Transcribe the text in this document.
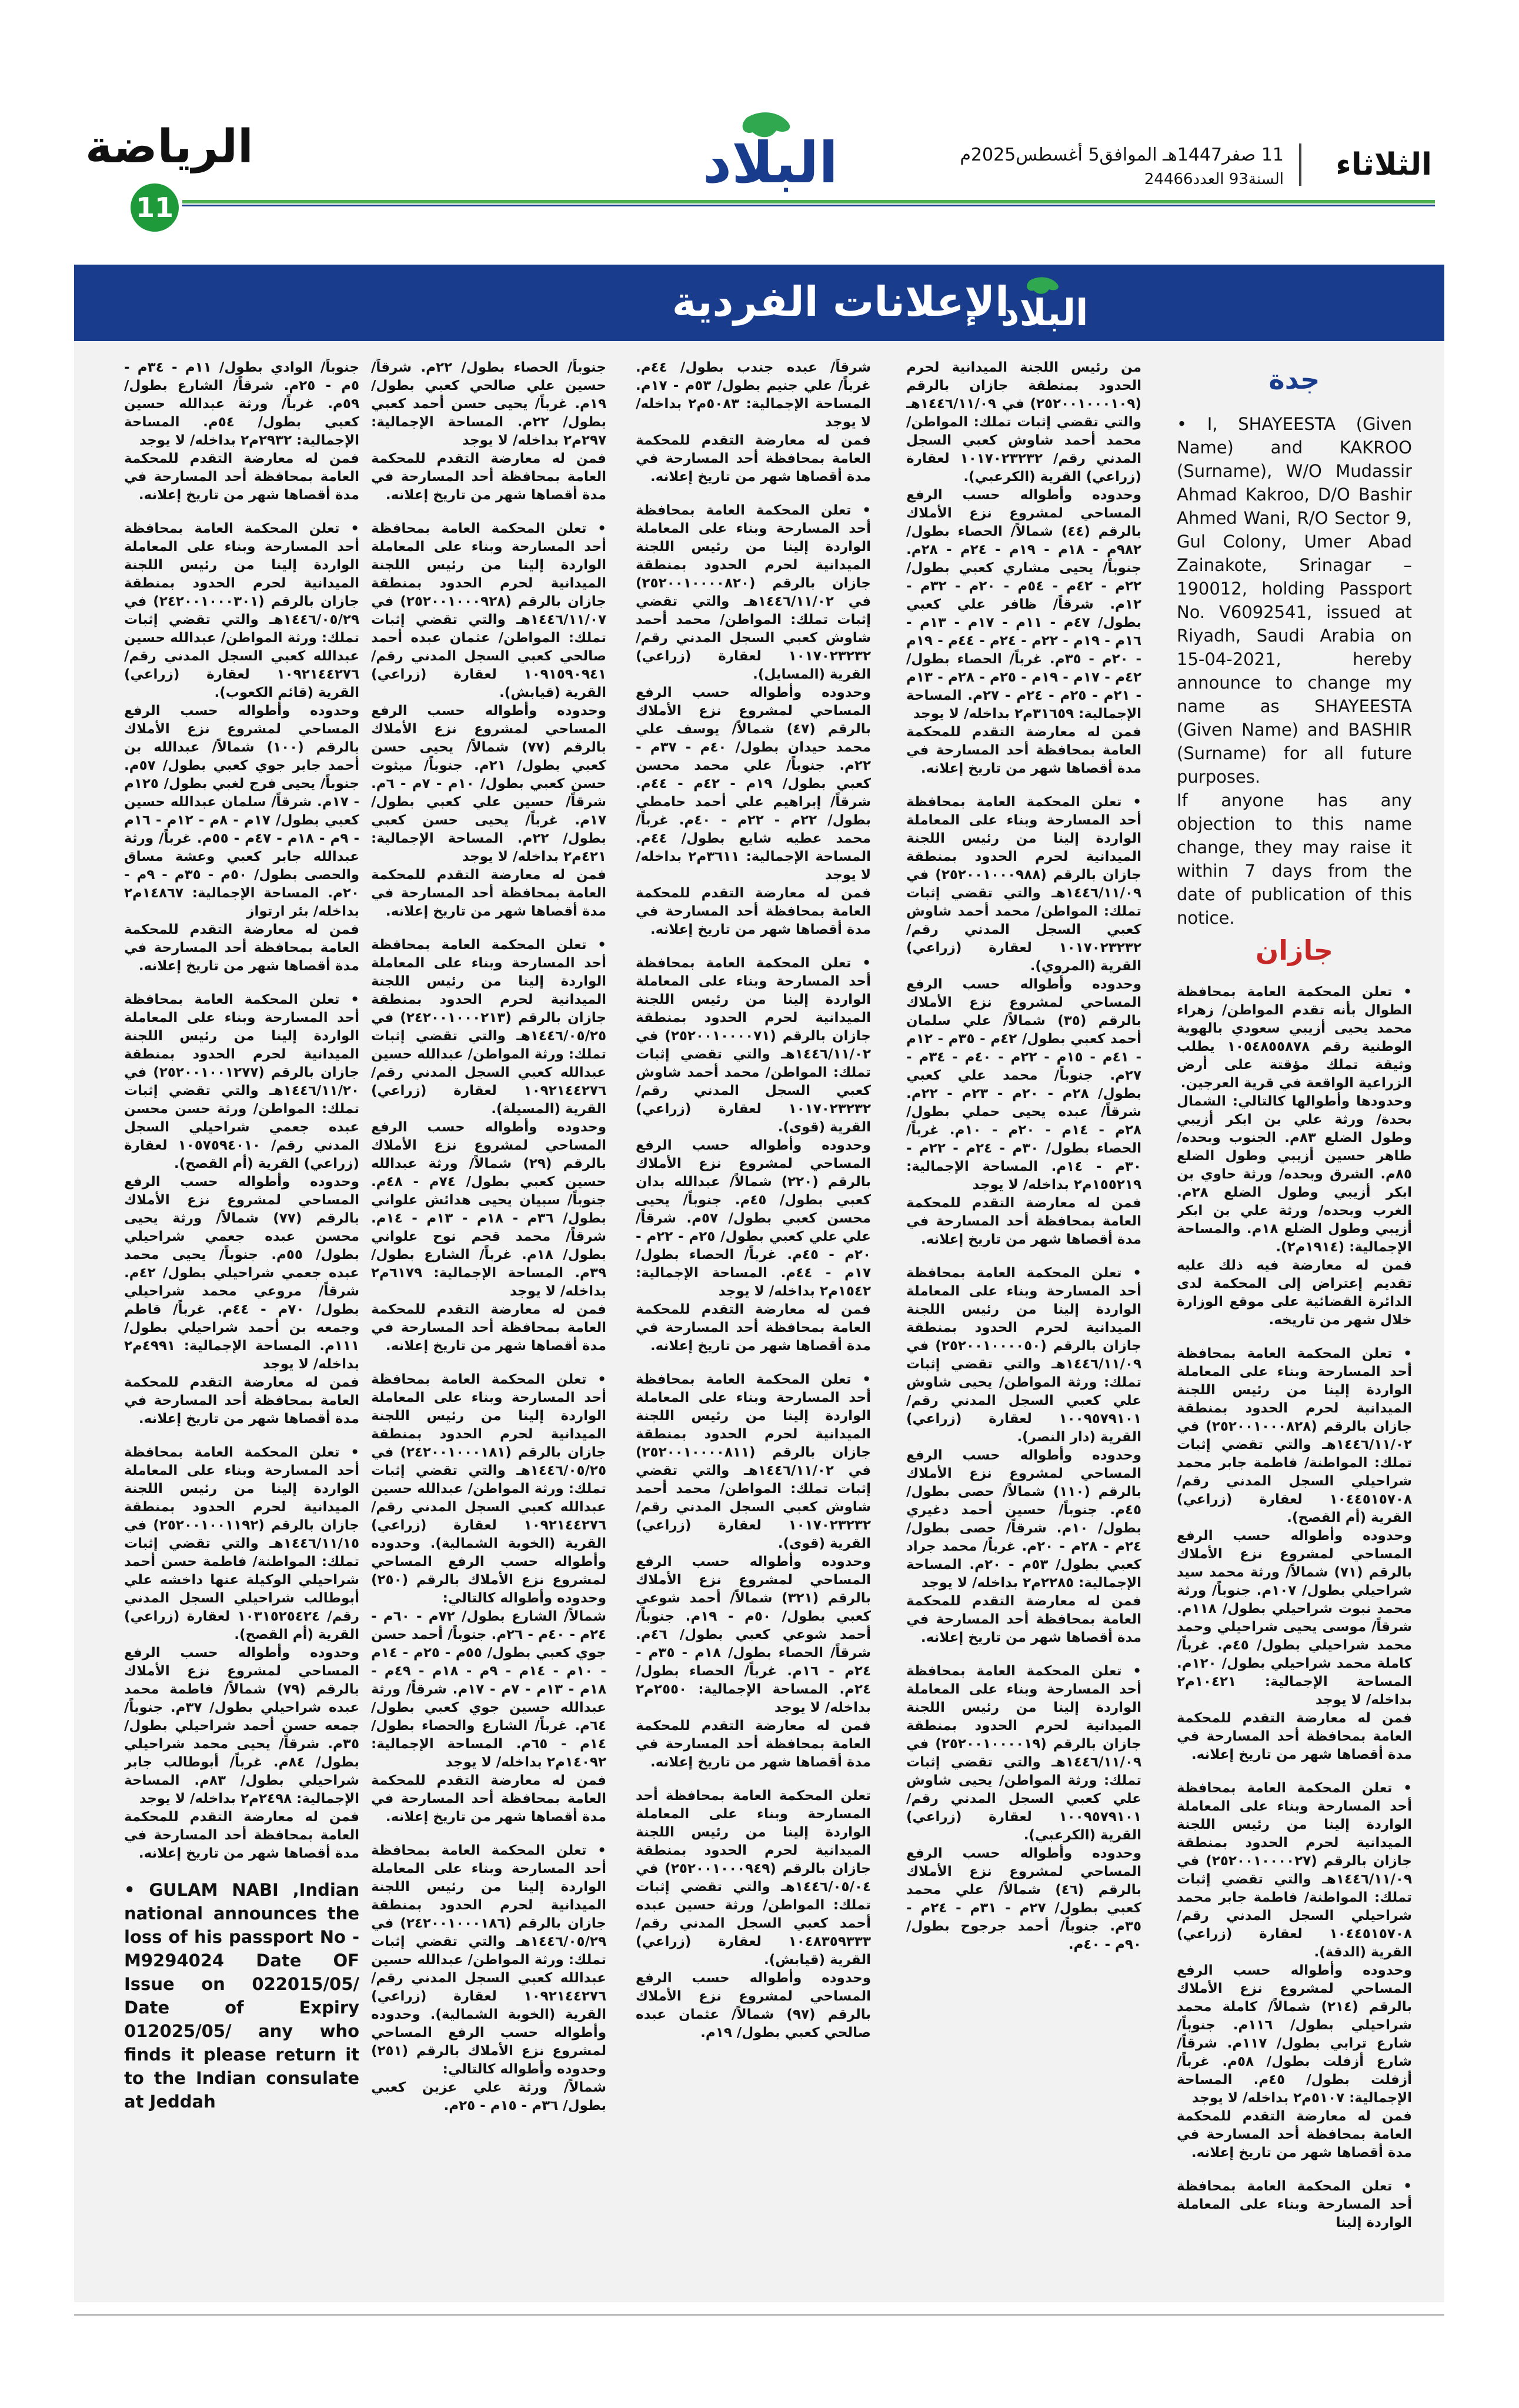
الثلاثاء
11 صفر1447هـ الموافق5 أغسطس2025م
السنة93 العدد24466
البلاد
الرياضة
11
البلاد
الإعلانات الفردية
جدة

• I, SHAYEESTA (Given Name) and KAKROO (Surname), W/O Mudassir Ahmad Kakroo, D/O Bashir Ahmed Wani, R/O Sector 9, Gul Colony, Umer Abad Zainakote, Srinagar – 190012, holding Passport No. V6092541, issued at Riyadh, Saudi Arabia on 15-04-2021, hereby announce to change my name as SHAYEESTA (Given Name) and BASHIR (Surname) for all future purposes.

If anyone has any objection to this name change, they may raise it within 7 days from the date of publication of this notice.

جازان

• تعلن المحكمة العامة بمحافظة الطوال بأنه تقدم المواطن/ زهراء محمد يحيى أزيبي سعودي بالهوية الوطنية رقم ١٠٥٤٨٥٥٨٧٨ يطلب وثيقة تملك مؤقتة على أرض الزراعية الواقعة في قرية العرجين.

وحدودها وأطوالها كالتالي: الشمال بحدة/ ورثة علي بن ابكر أزيبي وطول الضلع ٨٣م. الجنوب وبحده/ طاهر حسين أزيبي وطول الضلع ٨٥م. الشرق وبحده/ ورثة حاوي بن ابكر أزيبي وطول الضلع ٢٨م. الغرب وبحده/ ورثة علي بن ابكر أزيبي وطول الضلع ١٨م. والمساحة الإجمالية: (١٩١٤م٢).

فمن له معارضة فيه ذلك عليه تقديم إعتراض إلى المحكمة لدى الدائرة القضائية على موقع الوزارة خلال شهر من تاريخه.

• تعلن المحكمة العامة بمحافظة أحد المسارحة وبناء على المعاملة الواردة إلينا من رئيس اللجنة الميدانية لحرم الحدود بمنطقة جازان بالرقم (٢٥٢٠٠١٠٠٠٨٢٨) في ١٤٤٦/١١/٠٢هـ والتي تقضي إثبات تملك: المواطنة/ فاطمة جابر محمد شراحيلي السجل المدني رقم/ ١٠٤٤٥١٥٧٠٨ لعقارة (زراعي) القرية (أم القصح).

وحدوده وأطواله حسب الرفع المساحي لمشروع نزع الأملاك بالرقم (٧١) شمالاً/ ورثة محمد سيد شراحيلي بطول/ ١٠٧م. جنوباً/ ورثة محمد نبوت شراحيلي بطول/ ١١٨م. شرقاً/ موسى يحيى شراحيلي وحمد محمد شراحيلي بطول/ ٤٥م. غرباً/ كاملة محمد شراحيلي بطول/ ١٢٠م. المساحة الإجمالية: ١٠٤٢١م٢ بداخله/ لا يوجد

فمن له معارضة التقدم للمحكمة العامة بمحافظة أحد المسارحة في مدة أقصاها شهر من تاريخ إعلانه.

• تعلن المحكمة العامة بمحافظة أحد المسارحة وبناء على المعاملة الواردة إلينا من رئيس اللجنة الميدانية لحرم الحدود بمنطقة جازان بالرقم (٢٥٢٠٠١٠٠٠٠٢٧) في ١٤٤٦/١١/٠٩هـ والتي تقضي إثبات تملك: المواطنة/ فاطمة جابر محمد شراحيلي السجل المدني رقم/ ١٠٤٤٥١٥٧٠٨ لعقارة (زراعي) القرية (الدقة).

وحدوده وأطواله حسب الرفع المساحي لمشروع نزع الأملاك بالرقم (٢١٤) شمالاً/ كاملة محمد شراحيلي بطول/ ١١٦م. جنوباً/ شارع ترابي بطول/ ١١٧م. شرقاً/ شارع أزفلت بطول/ ٥٨م. غرباً/ أزفلت بطول/ ٤٥م. المساحة الإجمالية: ٥١٠٧م٢ بداخله/ لا يوجد

فمن له معارضة التقدم للمحكمة العامة بمحافظة أحد المسارحة في مدة أقصاها شهر من تاريخ إعلانه.

• تعلن المحكمة العامة بمحافظة أحد المسارحة وبناء على المعاملة الواردة إلينا

من رئيس اللجنة الميدانية لحرم الحدود بمنطقة جازان بالرقم (٢٥٢٠٠١٠٠٠١٠٩) في ١٤٤٦/١١/٠٩هـ والتي تقضي إثبات تملك: المواطن/ محمد أحمد شاوش كعبي السجل المدني رقم/ ١٠١٧٠٢٣٢٣٢ لعقارة (زراعي) القرية (الكرعبي).

وحدوده وأطواله حسب الرفع المساحي لمشروع نزع الأملاك بالرقم (٤٤) شمالاً/ الحصاء بطول/ ٩٨٢م - ١٨م - ١٩م - ٢٤م - ٢٨م. جنوباً/ يحيى مشاري كعبي بطول/ ٢٢م - ٤٢م - ٥٤م - ٢٠م - ٣٢م - ١٢م. شرقاً/ ظافر علي كعبي بطول/ ٤٧م - ١١م - ١٧م - ١٣م - ١٦م - ١٩م - ٢٢م - ٢٤م - ٤٤م - ١٩م - ٢٠م - ٣٥م. غرباً/ الحصاء بطول/ ٤٢م - ١٧م - ١٩م - ٢٥م - ٢٨م - ١٣م - ٢١م - ٢٥م - ٢٤م - ٢٧م. المساحة الإجمالية: ٣١٦٥٩م٢ بداخله/ لا يوجد

فمن له معارضة التقدم للمحكمة العامة بمحافظة أحد المسارحة في مدة أقصاها شهر من تاريخ إعلانه.

• تعلن المحكمة العامة بمحافظة أحد المسارحة وبناء على المعاملة الواردة إلينا من رئيس اللجنة الميدانية لحرم الحدود بمنطقة جازان بالرقم (٢٥٢٠٠١٠٠٠٩٨٨) في ١٤٤٦/١١/٠٩هـ والتي تقضي إثبات تملك: المواطن/ محمد أحمد شاوش كعبي السجل المدني رقم/ ١٠١٧٠٢٣٢٣٢ لعقارة (زراعي) القرية (المروي).

وحدوده وأطواله حسب الرفع المساحي لمشروع نزع الأملاك بالرقم (٣٥) شمالاً/ علي سلمان أحمد كعبي بطول/ ٤٢م - ٣٥م - ١٢م - ٤١م - ١٥م - ٢٢م - ٤٠م - ٣٤م - ٢٧م. جنوباً/ محمد علي كعبي بطول/ ٢٨م - ٢٠م - ٢٣م - ٢٢م. شرقاً/ عبده يحيى حملي بطول/ ٢٨م - ١٤م - ٢٠م - ١٠م. غرباً/ الحصاء بطول/ ٣٠م - ٢٤م - ٢٢م - ٣٠م - ١٤م. المساحة الإجمالية: ١٥٥٢١٩م٢ بداخله/ لا يوجد

فمن له معارضة التقدم للمحكمة العامة بمحافظة أحد المسارحة في مدة أقصاها شهر من تاريخ إعلانه.

• تعلن المحكمة العامة بمحافظة أحد المسارحة وبناء على المعاملة الواردة إلينا من رئيس اللجنة الميدانية لحرم الحدود بمنطقة جازان بالرقم (٢٥٢٠٠١٠٠٠٠٥٠) في ١٤٤٦/١١/٠٩هـ والتي تقضي إثبات تملك: ورثة المواطن/ يحيى شاوش علي كعبي السجل المدني رقم/ ١٠٠٩٥٧٩١٠١ لعقارة (زراعي) القرية (دار النصر).

وحدوده وأطواله حسب الرفع المساحي لمشروع نزع الأملاك بالرقم (١١٠) شمالاً/ حصى بطول/ ٤٥م. جنوباً/ حسين أحمد دغيري بطول/ ١٠م. شرقاً/ حصى بطول/ ٢٤م - ٢٨م - ٢٠م. غرباً/ محمد جراد كعبي بطول/ ٥٣م - ٢٠م. المساحة الإجمالية: ٢٢٨٥م٢ بداخله/ لا يوجد

فمن له معارضة التقدم للمحكمة العامة بمحافظة أحد المسارحة في مدة أقصاها شهر من تاريخ إعلانه.

• تعلن المحكمة العامة بمحافظة أحد المسارحة وبناء على المعاملة الواردة إلينا من رئيس اللجنة الميدانية لحرم الحدود بمنطقة جازان بالرقم (٢٥٢٠٠١٠٠٠٠١٩) في ١٤٤٦/١١/٠٩هـ والتي تقضي إثبات تملك: ورثة المواطن/ يحيى شاوش علي كعبي السجل المدني رقم/ ١٠٠٩٥٧٩١٠١ لعقارة (زراعي) القرية (الكرعبي).

وحدوده وأطواله حسب الرفع المساحي لمشروع نزع الأملاك بالرقم (٤٦) شمالاً/ علي محمد كعبي بطول/ ٢٧م - ٣١م - ٢٤م - ٣٥م. جنوباً/ أحمد جرجوح بطول/ ٩٠م - ٤٠م.

شرقاً/ عبده جندب بطول/ ٤٤م. غرباً/ علي جنيم بطول/ ٥٣م - ١٧م. المساحة الإجمالية: ٥٠٨٣م٢ بداخله/ لا يوجد

فمن له معارضة التقدم للمحكمة العامة بمحافظة أحد المسارحة في مدة أقصاها شهر من تاريخ إعلانه.

• تعلن المحكمة العامة بمحافظة أحد المسارحة وبناء على المعاملة الواردة إلينا من رئيس اللجنة الميدانية لحرم الحدود بمنطقة جازان بالرقم (٢٥٢٠٠١٠٠٠٠٨٢٠) في ١٤٤٦/١١/٠٢هـ والتي تقضي إثبات تملك: المواطن/ محمد أحمد شاوش كعبي السجل المدني رقم/ ١٠١٧٠٢٣٢٣٢ لعقارة (زراعي) القرية (المسايل).

وحدوده وأطواله حسب الرفع المساحي لمشروع نزع الأملاك بالرقم (٤٧) شمالاً/ يوسف علي محمد حيدان بطول/ ٤٠م - ٣٧م - ٢٢م. جنوباً/ علي محمد محسن كعبي بطول/ ١٩م - ٤٢م - ٤٤م. شرقاً/ إبراهيم علي أحمد حامطي بطول/ ٢٢م - ٢٢م - ٤٠م. غرباً/ محمد عطيه شايع بطول/ ٤٤م. المساحة الإجمالية: ٣٦١١م٢ بداخله/ لا يوجد

فمن له معارضة التقدم للمحكمة العامة بمحافظة أحد المسارحة في مدة أقصاها شهر من تاريخ إعلانه.

• تعلن المحكمة العامة بمحافظة أحد المسارحة وبناء على المعاملة الواردة إلينا من رئيس اللجنة الميدانية لحرم الحدود بمنطقة جازان بالرقم (٢٥٢٠٠١٠٠٠٠٧١) في ١٤٤٦/١١/٠٢هـ والتي تقضي إثبات تملك: المواطن/ محمد أحمد شاوش كعبي السجل المدني رقم/ ١٠١٧٠٢٣٢٣٢ لعقارة (زراعي) القرية (قوى).

وحدوده وأطواله حسب الرفع المساحي لمشروع نزع الأملاك بالرقم (٢٢٠) شمالاً/ عبدالله بدان كعبي بطول/ ٤٥م. جنوباً/ يحيى محسن كعبي بطول/ ٥٧م. شرقاً/ علي علي كعبي بطول/ ٢٥م - ٢٢م - ٢٠م - ٤٥م. غرباً/ الحصاء بطول/ ١٧م - ٤٤م. المساحة الإجمالية: ١٥٤٢م٢ بداخله/ لا يوجد

فمن له معارضة التقدم للمحكمة العامة بمحافظة أحد المسارحة في مدة أقصاها شهر من تاريخ إعلانه.

• تعلن المحكمة العامة بمحافظة أحد المسارحة وبناء على المعاملة الواردة إلينا من رئيس اللجنة الميدانية لحرم الحدود بمنطقة جازان بالرقم (٢٥٢٠٠١٠٠٠٠٨١١) في ١٤٤٦/١١/٠٢هـ والتي تقضي إثبات تملك: المواطن/ محمد أحمد شاوش كعبي السجل المدني رقم/ ١٠١٧٠٢٣٢٣٢ لعقارة (زراعي) القرية (قوى).

وحدوده وأطواله حسب الرفع المساحي لمشروع نزع الأملاك بالرقم (٣٢١) شمالاً/ أحمد شوعي كعبي بطول/ ٥٠م - ١٩م. جنوباً/ أحمد شوعي كعبي بطول/ ٤٦م. شرقاً/ الحصاء بطول/ ١٨م - ٣٥م - ٢٤م - ١٦م. غرباً/ الحصاء بطول/ ٢٤م. المساحة الإجمالية: ٢٥٥٠م٢ بداخله/ لا يوجد

فمن له معارضة التقدم للمحكمة العامة بمحافظة أحد المسارحة في مدة أقصاها شهر من تاريخ إعلانه.

تعلن المحكمة العامة بمحافظة أحد المسارحة وبناء على المعاملة الواردة إلينا من رئيس اللجنة الميدانية لحرم الحدود بمنطقة جازان بالرقم (٢٥٢٠٠١٠٠٠٩٤٩) في ١٤٤٦/٠٥/٠٤هـ والتي تقضي إثبات تملك: المواطن/ ورثة حسين عبده أحمد كعبي السجل المدني رقم/ ١٠٤٨٣٥٩٣٣٣ لعقارة (زراعي) القرية (قيابش).

وحدوده وأطواله حسب الرفع المساحي لمشروع نزع الأملاك بالرقم (٩٧) شمالاً/ عثمان عبده صالحي كعبي بطول/ ١٩م.

جنوباً/ الحصاء بطول/ ٢٢م. شرقاً/ حسين علي صالحي كعبي بطول/ ١٩م. غرباً/ يحيى حسن أحمد كعبي بطول/ ٢٢م. المساحة الإجمالية: ٢٩٧م٢ بداخله/ لا يوجد

فمن له معارضة التقدم للمحكمة العامة بمحافظة أحد المسارحة في مدة أقصاها شهر من تاريخ إعلانه.

• تعلن المحكمة العامة بمحافظة أحد المسارحة وبناء على المعاملة الواردة إلينا من رئيس اللجنة الميدانية لحرم الحدود بمنطقة جازان بالرقم (٢٥٢٠٠١٠٠٠٩٢٨) في ١٤٤٦/١١/٠٧هـ والتي تقضي إثبات تملك: المواطن/ عثمان عبده أحمد صالحي كعبي السجل المدني رقم/ ١٠٩١٥٩٠٩٤١ لعقارة (زراعي) القرية (قيابش).

وحدوده وأطواله حسب الرفع المساحي لمشروع نزع الأملاك بالرقم (٧٧) شمالاً/ يحيى حسن كعبي بطول/ ٢١م. جنوباً/ ميثوت حسن كعبي بطول/ ١٠م - ٧م - ٦م. شرقاً/ حسين علي كعبي بطول/ ١٧م. غرباً/ يحيى حسن كعبي بطول/ ٢٢م. المساحة الإجمالية: ٤٢١م٢ بداخله/ لا يوجد

فمن له معارضة التقدم للمحكمة العامة بمحافظة أحد المسارحة في مدة أقصاها شهر من تاريخ إعلانه.

• تعلن المحكمة العامة بمحافظة أحد المسارحة وبناء على المعاملة الواردة إلينا من رئيس اللجنة الميدانية لحرم الحدود بمنطقة جازان بالرقم (٢٤٢٠٠١٠٠٠٢١٣) في ١٤٤٦/٠٥/٢٥هـ والتي تقضي إثبات تملك: ورثة المواطن/ عبدالله حسين عبدالله كعبي السجل المدني رقم/ ١٠٩٢١٤٤٢٧٦ لعقارة (زراعي) القرية (المسيلة).

وحدوده وأطواله حسب الرفع المساحي لمشروع نزع الأملاك بالرقم (٢٩) شمالاً/ ورثة عبدالله حسين كعبي بطول/ ٧٤م - ٤٨م. جنوباً/ سبيان يحيى هدائش علواني بطول/ ٣٦م - ١٨م - ١٣م - ١٤م. شرقاً/ محمد قحم نوح علواني بطول/ ١٨م. غرباً/ الشارع بطول/ ٣٩م. المساحة الإجمالية: ٦١٧٩م٢ بداخله/ لا يوجد

فمن له معارضة التقدم للمحكمة العامة بمحافظة أحد المسارحة في مدة أقصاها شهر من تاريخ إعلانه.

• تعلن المحكمة العامة بمحافظة أحد المسارحة وبناء على المعاملة الواردة إلينا من رئيس اللجنة الميدانية لحرم الحدود بمنطقة جازان بالرقم (٢٤٢٠٠١٠٠٠١٨١) في ١٤٤٦/٠٥/٢٥هـ والتي تقضي إثبات تملك: ورثة المواطن/ عبدالله حسين عبدالله كعبي السجل المدني رقم/ ١٠٩٢١٤٤٢٧٦ لعقارة (زراعي) القرية (الخوبة الشمالية). وحدوده وأطواله حسب الرفع المساحي لمشروع نزع الأملاك بالرقم (٢٥٠) وحدوده وأطواله كالتالي:

شمالاً/ الشارع بطول/ ٧٢م - ٦٠م - ٢٤م - ٤٠م - ٢٦م. جنوباً/ أحمد حسن جوي كعبي بطول/ ٥٥م - ٢٥م - ١٤م - ١٠م - ١٤م - ٩م - ١٨م - ٤٩م - ١٨م - ١٣م - ٧م - ١٧م. شرقاً/ ورثة عبدالله حسين جوي كعبي بطول/ ٦٤م. غرباً/ الشارع والحصاء بطول/ ١٤م - ٦٥م. المساحة الإجمالية: ١٤٠٩٢م٢ بداخله/ لا يوجد

فمن له معارضة التقدم للمحكمة العامة بمحافظة أحد المسارحة في مدة أقصاها شهر من تاريخ إعلانه.

• تعلن المحكمة العامة بمحافظة أحد المسارحة وبناء على المعاملة الواردة إلينا من رئيس اللجنة الميدانية لحرم الحدود بمنطقة جازان بالرقم (٢٤٢٠٠١٠٠٠١٨٦) في ١٤٤٦/٠٥/٢٩هـ والتي تقضي إثبات تملك: ورثة المواطن/ عبدالله حسين عبدالله كعبي السجل المدني رقم/ ١٠٩٢١٤٤٢٧٦ لعقارة (زراعي) القرية (الخوبة الشمالية). وحدوده وأطواله حسب الرفع المساحي لمشروع نزع الأملاك بالرقم (٢٥١) وحدوده وأطواله كالتالي:

شمالاً/ ورثة علي عزين كعبي بطول/ ٣٦م - ١٥م - ٢٥م.

جنوباً/ الوادي بطول/ ١١م - ٣٤م - ٥م - ٢٥م. شرقاً/ الشارع بطول/ ٥٩م. غرباً/ ورثة عبدالله حسين كعبي بطول/ ٥٤م. المساحة الإجمالية: ٢٩٣٢م٢ بداخله/ لا يوجد

فمن له معارضة التقدم للمحكمة العامة بمحافظة أحد المسارحة في مدة أقصاها شهر من تاريخ إعلانه.

• تعلن المحكمة العامة بمحافظة أحد المسارحة وبناء على المعاملة الواردة إلينا من رئيس اللجنة الميدانية لحرم الحدود بمنطقة جازان بالرقم (٢٤٢٠٠١٠٠٠٣٠١) في ١٤٤٦/٠٥/٢٩هـ والتي تقضي إثبات تملك: ورثة المواطن/ عبدالله حسين عبدالله كعبي السجل المدني رقم/ ١٠٩٢١٤٤٢٧٦ لعقارة (زراعي) القرية (قائم الكعوب).

وحدوده وأطواله حسب الرفع المساحي لمشروع نزع الأملاك بالرقم (١٠٠) شمالاً/ عبدالله بن أحمد جابر جوي كعبي بطول/ ٥٧م. جنوباً/ يحيى فرج لغبي بطول/ ١٢٥م - ١٧م. شرقاً/ سلمان عبدالله حسين كعبي بطول/ ١٧م - ٨م - ١٢م - ١٦م - ٩م - ١٨م - ٤٧م - ٥٥م. غرباً/ ورثة عبدالله جابر كعبي وعشة مساق والحصى بطول/ ٥٠م - ٣٥م - ٩م - ٢٠م. المساحة الإجمالية: ١٤٨٦٧م٢ بداخله/ بئر ارتواز

فمن له معارضة التقدم للمحكمة العامة بمحافظة أحد المسارحة في مدة أقصاها شهر من تاريخ إعلانه.

• تعلن المحكمة العامة بمحافظة أحد المسارحة وبناء على المعاملة الواردة إلينا من رئيس اللجنة الميدانية لحرم الحدود بمنطقة جازان بالرقم (٢٥٢٠٠١٠٠١٢٧٧) في ١٤٤٦/١١/٢٠هـ والتي تقضي إثبات تملك: المواطن/ ورثة حسن محسن عبده جعمي شراحيلي السجل المدني رقم/ ١٠٥٧٥٩٤٠١٠ لعقارة (زراعي) القرية (أم القصح).

وحدوده وأطواله حسب الرفع المساحي لمشروع نزع الأملاك بالرقم (٧٧) شمالاً/ ورثة يحيى محسن عبده جعمي شراحيلي بطول/ ٥٥م. جنوباً/ يحيى محمد عبده جعمي شراحيلي بطول/ ٤٢م. شرقاً/ مروعي محمد شراحيلي بطول/ ٧٠م - ٤٤م. غرباً/ قاطم وجمعه بن أحمد شراحيلي بطول/ ١١١م. المساحة الإجمالية: ٤٩٩١م٢ بداخله/ لا يوجد

فمن له معارضة التقدم للمحكمة العامة بمحافظة أحد المسارحة في مدة أقصاها شهر من تاريخ إعلانه.

• تعلن المحكمة العامة بمحافظة أحد المسارحة وبناء على المعاملة الواردة إلينا من رئيس اللجنة الميدانية لحرم الحدود بمنطقة جازان بالرقم (٢٥٢٠٠١٠٠١١٩٢) في ١٤٤٦/١١/١٥هـ والتي تقضي إثبات تملك: المواطنة/ فاطمة حسن أحمد شراحيلي الوكيلة عنها داخشه علي أبوطالب شراحيلي السجل المدني رقم/ ١٠٣١٥٢٥٤٢٤ لعقارة (زراعي) القرية (أم القصح).

وحدوده وأطواله حسب الرفع المساحي لمشروع نزع الأملاك بالرقم (٧٩) شمالاً/ فاطمة محمد عبده شراحيلي بطول/ ٣٧م. جنوباً/ جمعه حسن أحمد شراحيلي بطول/ ٣٥م. شرقاً/ يحيى محمد شراحيلي بطول/ ٨٤م. غرباً/ أبوطالب جابر شراحيلي بطول/ ٨٣م. المساحة الإجمالية: ٢٤٩٨م٢ بداخله/ لا يوجد

فمن له معارضة التقدم للمحكمة العامة بمحافظة أحد المسارحة في مدة أقصاها شهر من تاريخ إعلانه.

• GULAM NABI ,Indian national announces the loss of his passport No - M9294024 Date OF Issue on 022015/05/ Date of Expiry 012025/05/ any who finds it please return it to the Indian consulate at Jeddah
